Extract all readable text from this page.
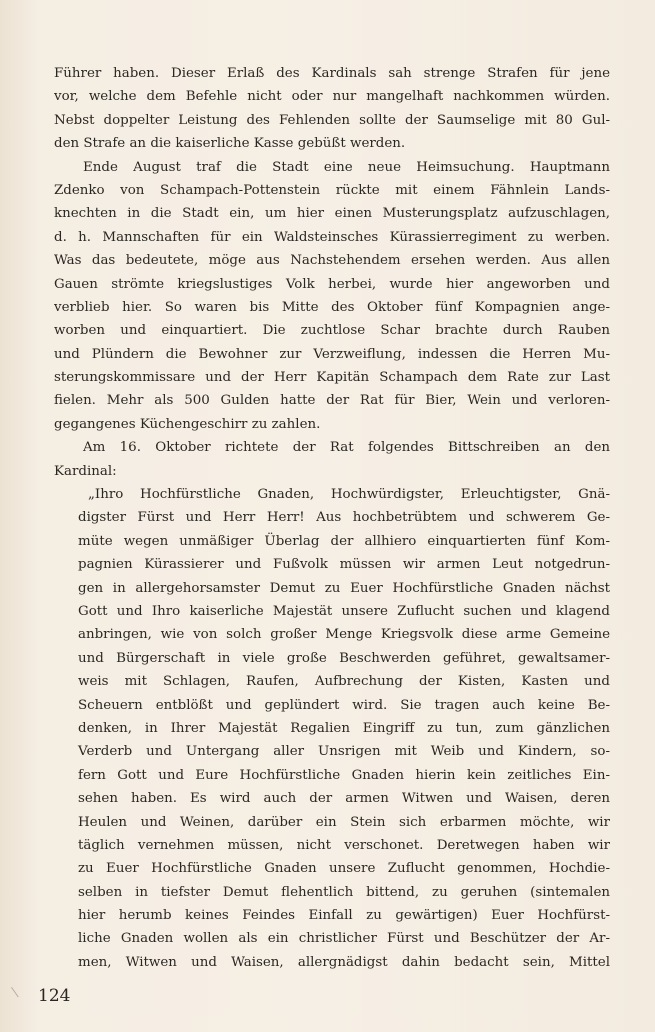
Führer haben. Dieser Erlaß des Kardinals sah strenge Strafen für jene
vor, welche dem Befehle nicht oder nur mangelhaft nachkommen würden.
Nebst doppelter Leistung des Fehlenden sollte der Saumselige mit 80 Gul-
den Strafe an die kaiserliche Kasse gebüßt werden.
Ende August traf die Stadt eine neue Heimsuchung. Hauptmann
Zdenko von Schampach-Pottenstein rückte mit einem Fähnlein Lands-
knechten in die Stadt ein, um hier einen Musterungsplatz aufzuschlagen,
d. h. Mannschaften für ein Waldsteinsches Kürassierregiment zu werben.
Was das bedeutete, möge aus Nachstehendem ersehen werden. Aus allen
Gauen strömte kriegslustiges Volk herbei, wurde hier angeworben und
verblieb hier. So waren bis Mitte des Oktober fünf Kompagnien ange-
worben und einquartiert. Die zuchtlose Schar brachte durch Rauben
und Plündern die Bewohner zur Verzweiflung, indessen die Herren Mu-
sterungskommissare und der Herr Kapitän Schampach dem Rate zur Last
fielen. Mehr als 500 Gulden hatte der Rat für Bier, Wein und verloren-
gegangenes Küchengeschirr zu zahlen.
Am 16. Oktober richtete der Rat folgendes Bittschreiben an den
Kardinal:
„Ihro Hochfürstliche Gnaden, Hochwürdigster, Erleuchtigster, Gnä-
digster Fürst und Herr Herr! Aus hochbetrübtem und schwerem Ge-
müte wegen unmäßiger Überlag der allhiero einquartierten fünf Kom-
pagnien Kürassierer und Fußvolk müssen wir armen Leut notgedrun-
gen in allergehorsamster Demut zu Euer Hochfürstliche Gnaden nächst
Gott und Ihro kaiserliche Majestät unsere Zuflucht suchen und klagend
anbringen, wie von solch großer Menge Kriegsvolk diese arme Gemeine
und Bürgerschaft in viele große Beschwerden geführet, gewaltsamer-
weis mit Schlagen, Raufen, Aufbrechung der Kisten, Kasten und
Scheuern entblößt und geplündert wird. Sie tragen auch keine Be-
denken, in Ihrer Majestät Regalien Eingriff zu tun, zum gänzlichen
Verderb und Untergang aller Unsrigen mit Weib und Kindern, so-
fern Gott und Eure Hochfürstliche Gnaden hierin kein zeitliches Ein-
sehen haben. Es wird auch der armen Witwen und Waisen, deren
Heulen und Weinen, darüber ein Stein sich erbarmen möchte, wir
täglich vernehmen müssen, nicht verschonet. Deretwegen haben wir
zu Euer Hochfürstliche Gnaden unsere Zuflucht genommen, Hochdie-
selben in tiefster Demut flehentlich bittend, zu geruhen (sintemalen
hier herumb keines Feindes Einfall zu gewärtigen) Euer Hochfürst-
liche Gnaden wollen als ein christlicher Fürst und Beschützer der Ar-
men, Witwen und Waisen, allergnädigst dahin bedacht sein, Mittel
124
